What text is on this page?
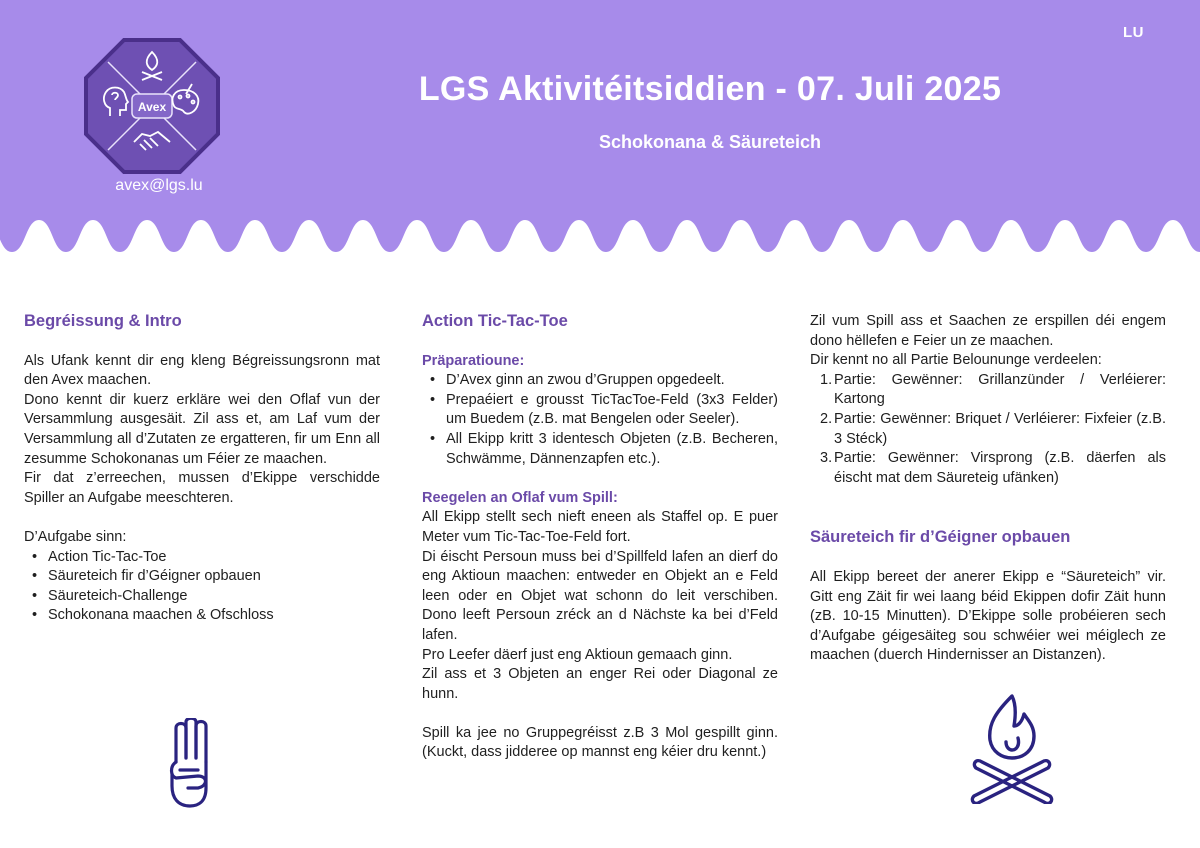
LU
Avex
avex@lgs.lu
LGS Aktivitéitsiddien - 07. Juli 2025
Schokonana & Säureteich
Begréissung & Intro

Als Ufank kennt dir eng kleng Bégreissungsronn mat den Avex maachen.

Dono kennt dir kuerz erkläre wei den Oflaf vun der Versammlung ausgesäit. Zil ass et, am Laf vum der Versammlung all d’Zutaten ze ergatteren, fir um Enn all zesumme Schokonanas um Féier ze maachen.

Fir dat z’erreechen, mussen d’Ekippe verschidde Spiller an Aufgabe meeschteren.

D’Aufgabe sinn:

• Action Tic-Tac-Toe
• Säureteich fir d’Géigner opbauen
• Säureteich-Challenge
• Schokonana maachen & Ofschloss
Action Tic-Tac-Toe
Präparatioune:
• D’Avex ginn an zwou d’Gruppen opgedeelt.
• Prepaéiert e grousst TicTacToe-Feld (3x3 Felder) um Buedem (z.B. mat Bengelen oder Seeler).
• All Ekipp kritt 3 identesch Objeten (z.B. Becheren, Schwämme, Dännenzapfen etc.).
Reegelen an Oflaf vum Spill:

All Ekipp stellt sech nieft eneen als Staffel op. E puer Meter vum Tic-Tac-Toe-Feld fort.

Di éischt Persoun muss bei d’Spillfeld lafen an dierf do eng Aktioun maachen: entweder en Objekt an e Feld leen oder en Objet wat schonn do leit verschiben. Dono leeft Persoun zréck an d Nächste ka bei d’Feld lafen.

Pro Leefer däerf just eng Aktioun gemaach ginn.

Zil ass et 3 Objeten an enger Rei oder Diagonal ze hunn.

Spill ka jee no Gruppegréisst z.B 3 Mol gespillt ginn. (Kuckt, dass jidderee op mannst eng kéier dru kennt.)

Zil vum Spill ass et Saachen ze erspillen déi engem dono hëllefen e Feier un ze maachen.

Dir kennt no all Partie Beloununge verdeelen:

1. Partie: Gewënner: Grillanzünder / Verléierer: Kartong
2. Partie: Gewënner: Briquet / Verléierer: Fixfeier (z.B. 3 Stéck)
3. Partie: Gewënner: Virsprong (z.B. däerfen als éischt mat dem Säureteig ufänken)
Säureteich fir d’Géigner opbauen

All Ekipp bereet der anerer Ekipp e “Säureteich” vir. Gitt eng Zäit fir wei laang béid Ekippen dofir Zäit hunn (zB. 10-15 Minutten). D’Ekippe solle probéieren sech d’Aufgabe géigesäiteg sou schwéier wei méiglech ze maachen (duerch Hindernisser an Distanzen).
